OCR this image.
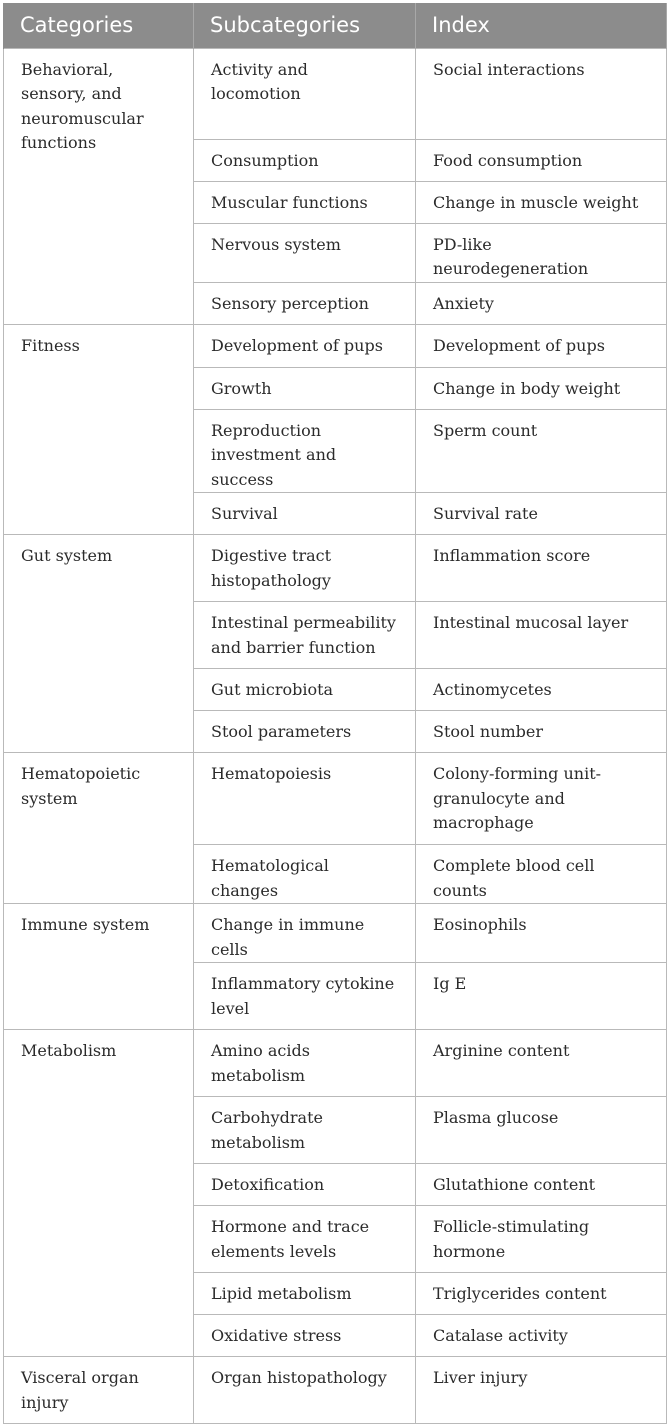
Categories	Subcategories	Index

Behavioral, sensory, and neuromuscular functions	Activity and locomotion	Social interactions

	Consumption	Food consumption

	Muscular functions	Change in muscle weight

	Nervous system	PD-like neurodegeneration

	Sensory perception	Anxiety

Fitness	Development of pups	Development of pups

	Growth	Change in body weight

	Reproduction investment and success	Sperm count

	Survival	Survival rate

Gut system	Digestive tract histopathology	Inflammation score

	Intestinal permeability and barrier function	Intestinal mucosal layer

	Gut microbiota	Actinomycetes

	Stool parameters	Stool number

Hematopoietic system	Hematopoiesis	Colony-forming unit-granulocyte and macrophage

	Hematological changes	Complete blood cell counts

Immune system	Change in immune cells	Eosinophils

	Inflammatory cytokine level	Ig E

Metabolism	Amino acids metabolism	Arginine content

	Carbohydrate metabolism	Plasma glucose

	Detoxification	Glutathione content

	Hormone and trace elements levels	Follicle-stimulating hormone

	Lipid metabolism	Triglycerides content

	Oxidative stress	Catalase activity

Visceral organ injury	Organ histopathology	Liver injury
